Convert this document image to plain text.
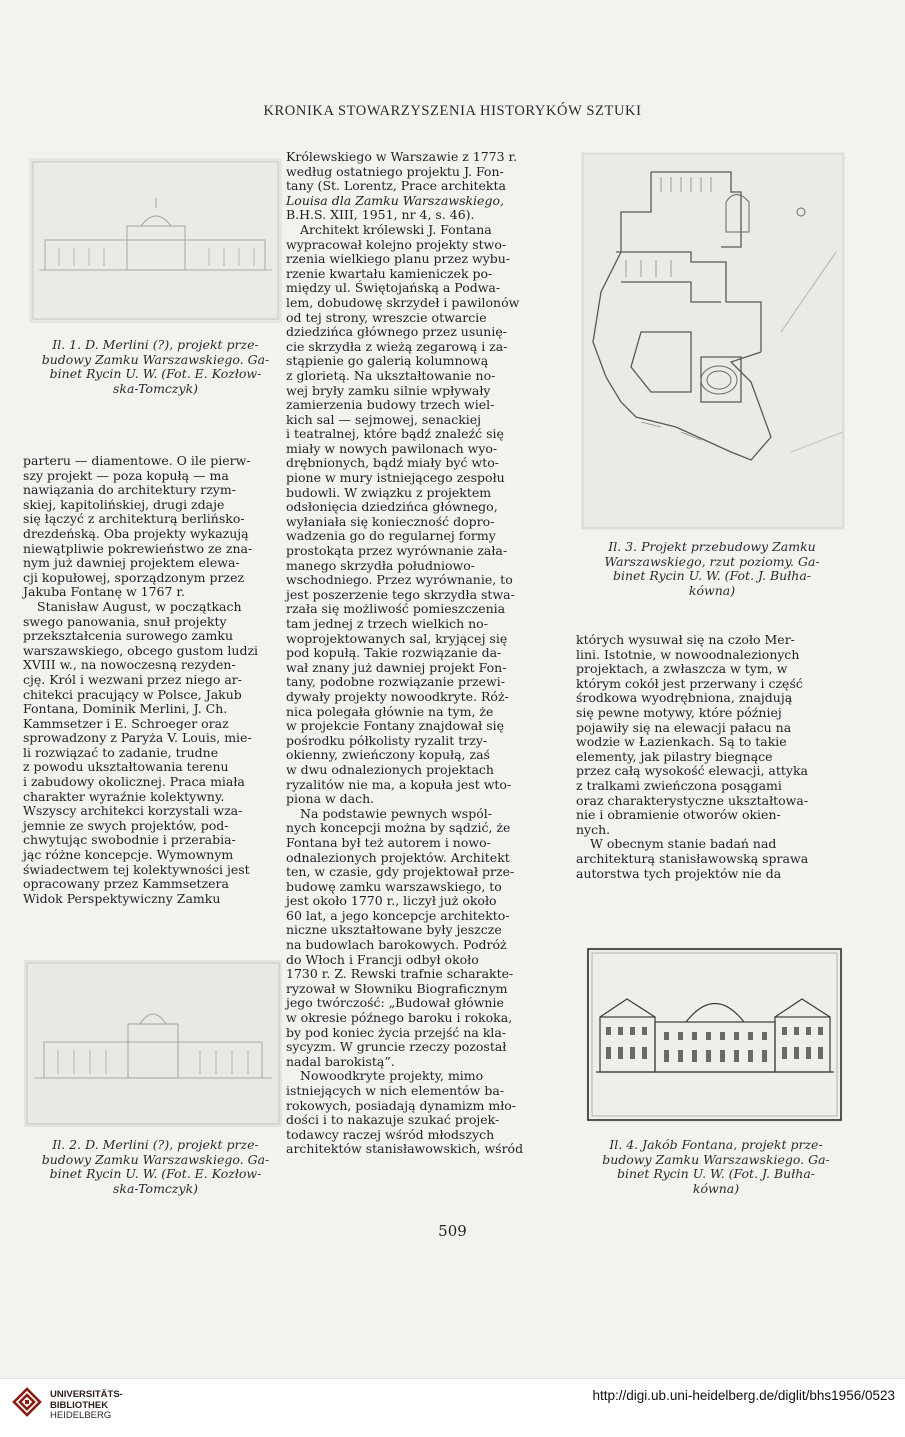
KRONIKA STOWARZYSZENIA HISTORYKÓW SZTUKI
Il. 1. D. Merlini (?), projekt prze-
budowy Zamku Warszawskiego. Ga-
binet Rycin U. W. (Fot. E. Kozłow-
ska-Tomczyk)

parteru — diamentowe. O ile pierw-

szy projekt — poza kopułą — ma

nawiązania do architektury rzym-

skiej, kapitolińskiej, drugi zdaje

się łączyć z architekturą berlińsko-

drezdeńską. Oba projekty wykazują

niewątpliwie pokrewieństwo ze zna-

nym już dawniej projektem elewa-

cji kopułowej, sporządzonym przez

Jakuba Fontanę w 1767 r.

Stanisław August, w początkach

swego panowania, snuł projekty

przekształcenia surowego zamku

warszawskiego, obcego gustom ludzi

XVIII w., na nowoczesną rezyden-

cję. Król i wezwani przez niego ar-

chitekci pracujący w Polsce, Jakub

Fontana, Dominik Merlini, J. Ch.

Kammsetzer i E. Schroeger oraz

sprowadzony z Paryża V. Louis, mie-

li rozwiązać to zadanie, trudne

z powodu ukształtowania terenu

i zabudowy okolicznej. Praca miała

charakter wyraźnie kolektywny.

Wszyscy architekci korzystali wza-

jemnie ze swych projektów, pod-

chwytując swobodnie i przerabia-

jąc różne koncepcje. Wymownym

świadectwem tej kolektywności jest

opracowany przez Kammsetzera

Widok Perspektywiczny Zamku

Il. 2. D. Merlini (?), projekt prze-
budowy Zamku Warszawskiego. Ga-
binet Rycin U. W. (Fot. E. Kozłow-
ska-Tomczyk)

Królewskiego w Warszawie z 1773 r.

według ostatniego projektu J. Fon-

tany (St. Lorentz, Prace architekta

Louisa dla Zamku Warszawskiego,

B.H.S. XIII, 1951, nr 4, s. 46).

Architekt królewski J. Fontana

wypracował kolejno projekty stwo-

rzenia wielkiego planu przez wybu-

rzenie kwartału kamieniczek po-

między ul. Świętojańską a Podwa-

lem, dobudowę skrzydeł i pawilonów

od tej strony, wreszcie otwarcie

dziedzińca głównego przez usunię-

cie skrzydła z wieżą zegarową i za-

stąpienie go galerią kolumnową

z glorietą. Na ukształtowanie no-

wej bryły zamku silnie wpływały

zamierzenia budowy trzech wiel-

kich sal — sejmowej, senackiej

i teatralnej, które bądź znaleźć się

miały w nowych pawilonach wyo-

drębnionych, bądź miały być wto-

pione w mury istniejącego zespołu

budowli. W związku z projektem

odsłonięcia dziedzińca głównego,

wyłaniała się konieczność dopro-

wadzenia go do regularnej formy

prostokąta przez wyrównanie zała-

manego skrzydła południowo-

wschodniego. Przez wyrównanie, to

jest poszerzenie tego skrzydła stwa-

rzała się możliwość pomieszczenia

tam jednej z trzech wielkich no-

woprojektowanych sal, kryjącej się

pod kopułą. Takie rozwiązanie da-

wał znany już dawniej projekt Fon-

tany, podobne rozwiązanie przewi-

dywały projekty nowoodkryte. Róż-

nica polegała głównie na tym, że

w projekcie Fontany znajdował się

pośrodku półkolisty ryzalit trzy-

okienny, zwieńczony kopułą, zaś

w dwu odnalezionych projektach

ryzalitów nie ma, a kopuła jest wto-

piona w dach.

Na podstawie pewnych wspól-

nych koncepcji można by sądzić, że

Fontana był też autorem i nowo-

odnalezionych projektów. Architekt

ten, w czasie, gdy projektował prze-

budowę zamku warszawskiego, to

jest około 1770 r., liczył już około

60 lat, a jego koncepcje architekto-

niczne ukształtowane były jeszcze

na budowlach barokowych. Podróż

do Włoch i Francji odbył około

1730 r. Z. Rewski trafnie scharakte-

ryzował w Słowniku Biograficznym

jego twórczość: „Budował głównie

w okresie późnego baroku i rokoka,

by pod koniec życia przejść na kla-

sycyzm. W gruncie rzeczy pozostał

nadal barokistą”.

Nowoodkryte projekty, mimo

istniejących w nich elementów ba-

rokowych, posiadają dynamizm mło-

dości i to nakazuje szukać projek-

todawcy raczej wśród młodszych

architektów stanisławowskich, wśród

Il. 3. Projekt przebudowy Zamku
Warszawskiego, rzut poziomy. Ga-
binet Rycin U. W. (Fot. J. Bułha-
kówna)

których wysuwał się na czoło Mer-

lini. Istotnie, w nowoodnalezionych

projektach, a zwłaszcza w tym, w

którym cokół jest przerwany i część

środkowa wyodrębniona, znajdują

się pewne motywy, które później

pojawiły się na elewacji pałacu na

wodzie w Łazienkach. Są to takie

elementy, jak pilastry biegnące

przez całą wysokość elewacji, attyka

z tralkami zwieńczona posągami

oraz charakterystyczne ukształtowa-

nie i obramienie otworów okien-

nych.

W obecnym stanie badań nad

architekturą stanisławowską sprawa

autorstwa tych projektów nie da

Il. 4. Jakób Fontana, projekt prze-
budowy Zamku Warszawskiego. Ga-
binet Rycin U. W. (Fot. J. Bułha-
kówna)
509
UNIVERSITÄTS-
BIBLIOTHEK
HEIDELBERG
http://digi.ub.uni-heidelberg.de/diglit/bhs1956/0523
